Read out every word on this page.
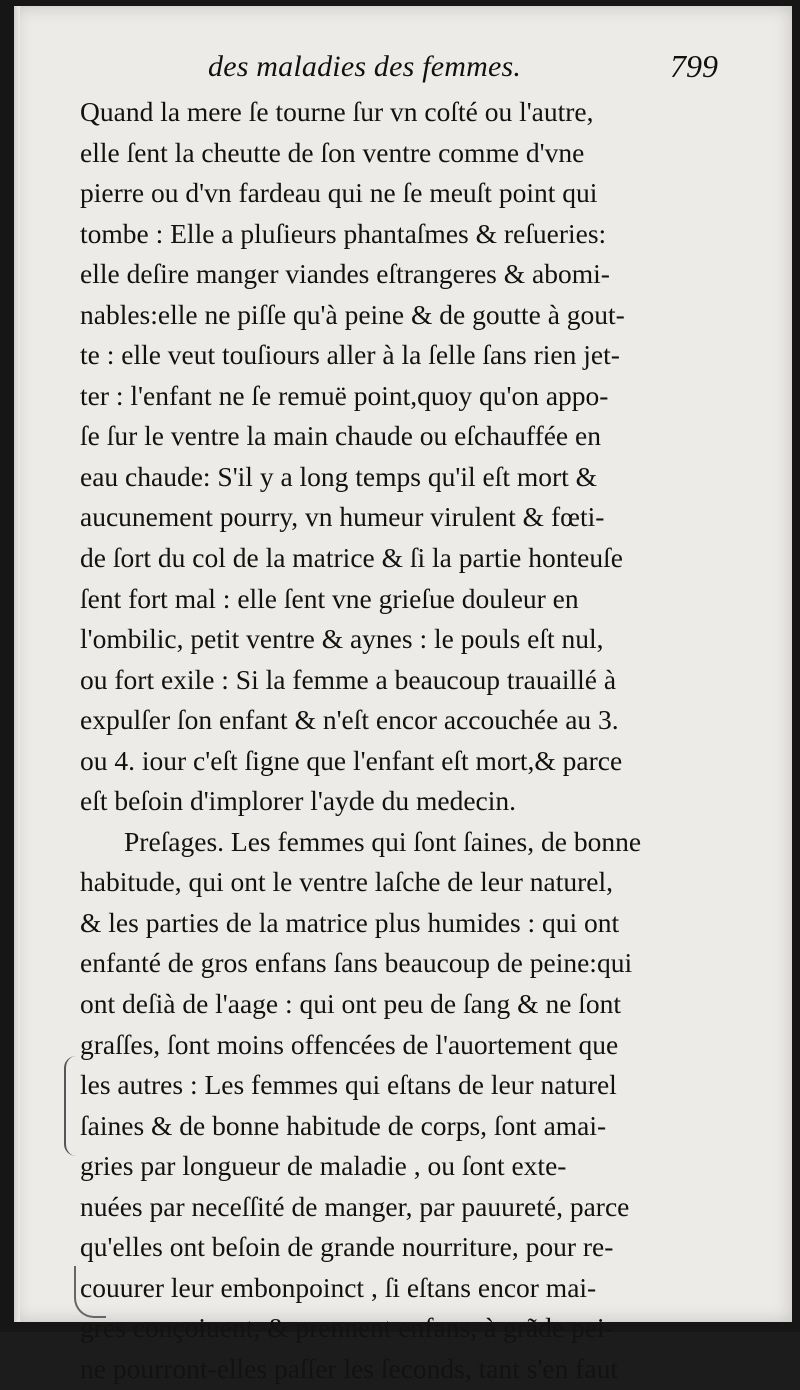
des maladies des femmes.	799
Quand la mere ſe tourne ſur vn coſté ou l'autre,
elle ſent la cheutte de ſon ventre comme d'vne
pierre ou d'vn fardeau qui ne ſe meuſt point qui
tombe : Elle a pluſieurs phantaſmes & reſueries:
elle deſire manger viandes eſtrangeres & abomi-
nables:elle ne piſſe qu'à peine & de goutte à gout-
te : elle veut touſiours aller à la ſelle ſans rien jet-
ter : l'enfant ne ſe remuë point,quoy qu'on appo-
ſe ſur le ventre la main chaude ou eſchauffée en
eau chaude: S'il y a long temps qu'il eſt mort &
aucunement pourry, vn humeur virulent & fœti-
de ſort du col de la matrice & ſi la partie honteuſe
ſent fort mal : elle ſent vne grieſue douleur en
l'ombilic, petit ventre & aynes : le pouls eſt nul,
ou fort exile : Si la femme a beaucoup trauaillé à
expulſer ſon enfant & n'eſt encor accouchée au 3.
ou 4. iour c'eſt ſigne que l'enfant eſt mort,& parce
eſt beſoin d'implorer l'ayde du medecin.
Preſages. Les femmes qui ſont ſaines, de bonne
habitude, qui ont le ventre laſche de leur naturel,
& les parties de la matrice plus humides : qui ont
enfanté de gros enfans ſans beaucoup de peine:qui
ont deſià de l'aage : qui ont peu de ſang & ne ſont
graſſes, ſont moins offencées de l'auortement que
les autres : Les femmes qui eſtans de leur naturel
ſaines & de bonne habitude de corps, ſont amai-
gries par longueur de maladie , ou ſont exte-
nuées par neceſſité de manger, par pauureté, parce
qu'elles ont beſoin de grande nourriture, pour re-
couurer leur embonpoinct , ſi eſtans encor mai-
gres conçoiuent, & prennent enfans, à grãde pei-
ne pourront-elles paſſer les ſeconds, tant s'en faut
